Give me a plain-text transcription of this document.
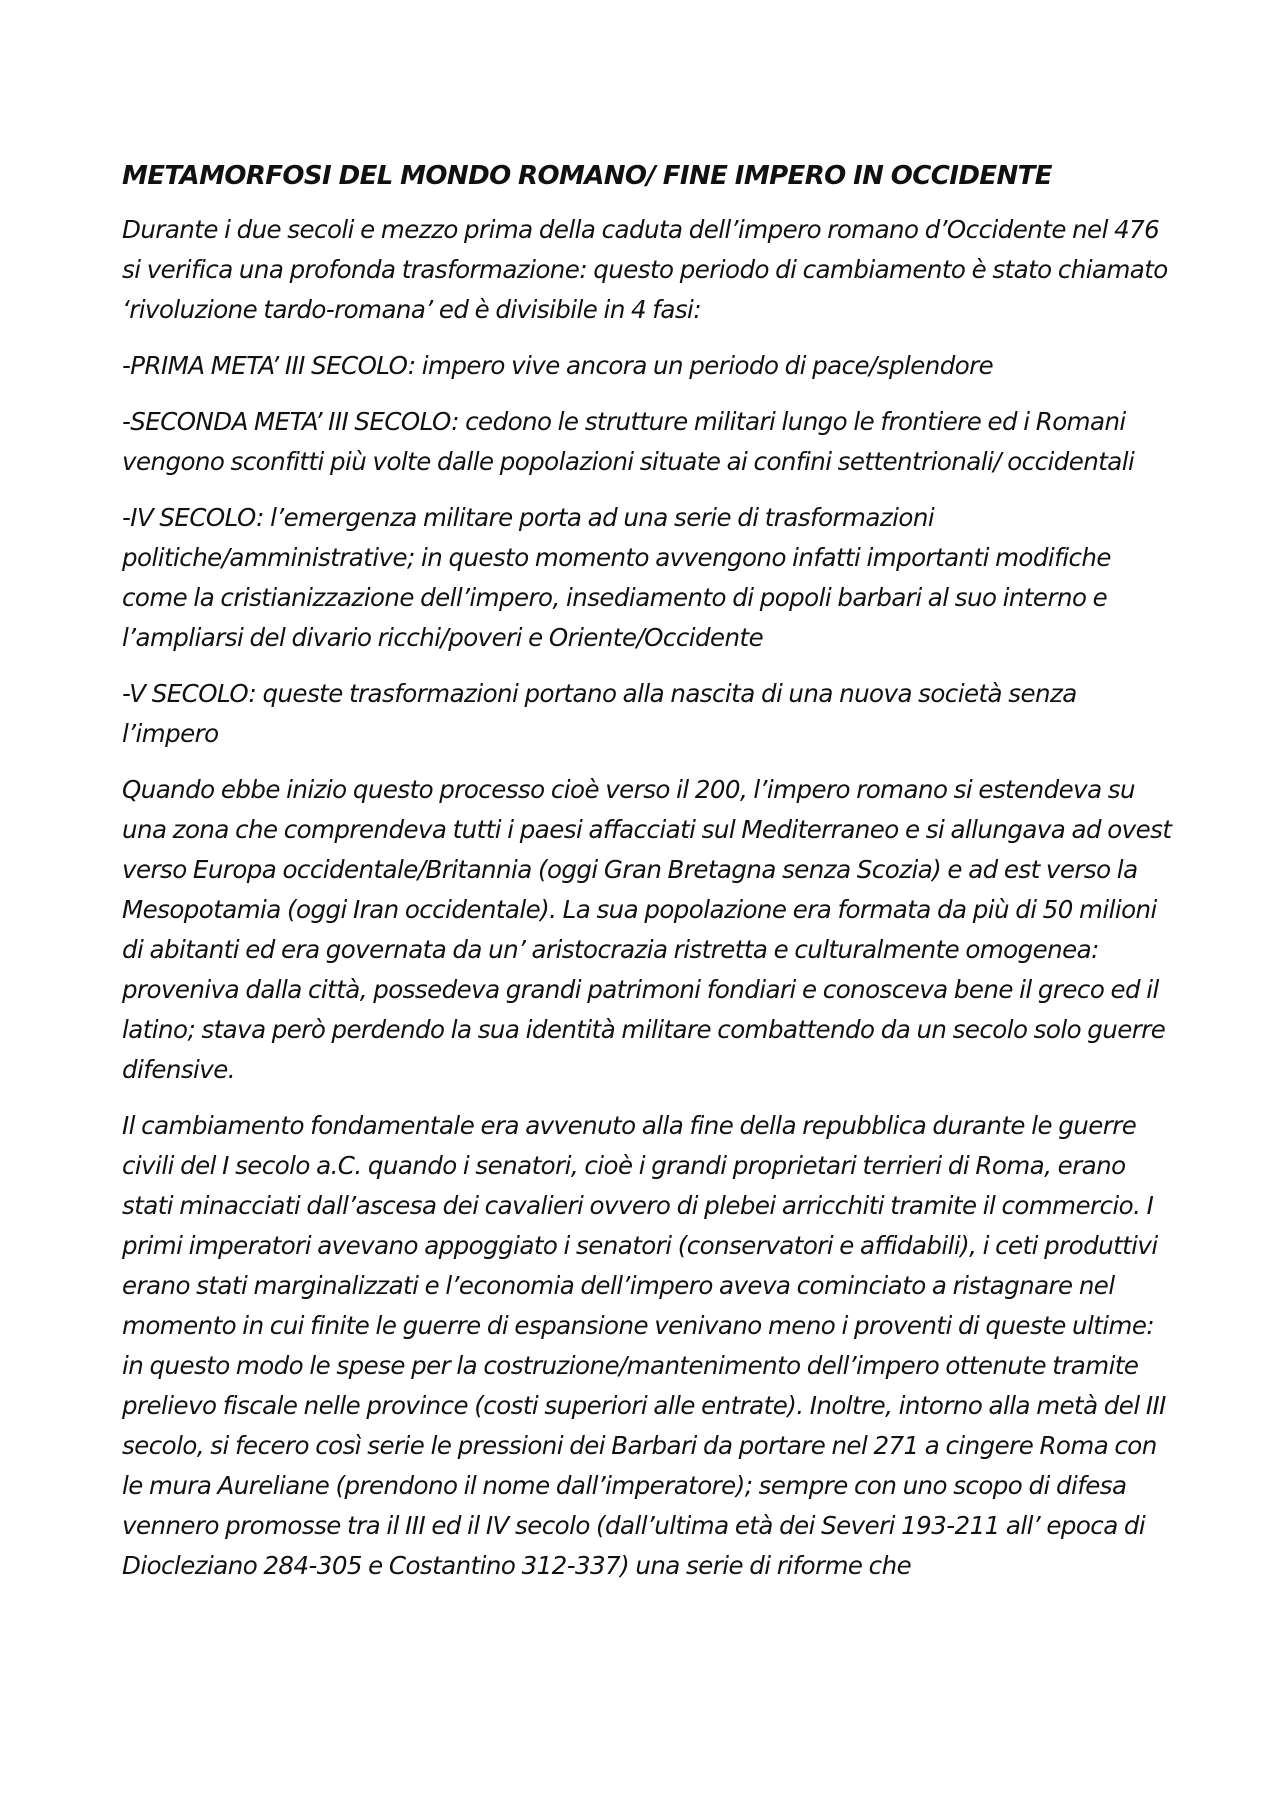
METAMORFOSI DEL MONDO ROMANO/ FINE IMPERO IN OCCIDENTE

Durante i due secoli e mezzo prima della caduta dell’impero romano d’Occidente nel 476 si verifica una profonda trasformazione: questo periodo di cambiamento è stato chiamato ‘rivoluzione tardo-romana’ ed è divisibile in 4 fasi:

-PRIMA META’ III SECOLO: impero vive ancora un periodo di pace/splendore

-SECONDA META’ III SECOLO: cedono le strutture militari lungo le frontiere ed i Romani vengono sconfitti più volte dalle popolazioni situate ai confini settentrionali/ occidentali

-IV SECOLO: l’emergenza militare porta ad una serie di trasformazioni politiche/amministrative; in questo momento avvengono infatti importanti modifiche come la cristianizzazione dell’impero, insediamento di popoli barbari al suo interno e l’ampliarsi del divario ricchi/poveri e Oriente/Occidente

-V SECOLO: queste trasformazioni portano alla nascita di una nuova società senza l’impero

Quando ebbe inizio questo processo cioè verso il 200, l’impero romano si estendeva su una zona che comprendeva tutti i paesi affacciati sul Mediterraneo e si allungava ad ovest verso Europa occidentale/Britannia (oggi Gran Bretagna senza Scozia) e ad est verso la Mesopotamia (oggi Iran occidentale). La sua popolazione era formata da più di 50 milioni di abitanti ed era governata da un’ aristocrazia ristretta e culturalmente omogenea: proveniva dalla città, possedeva grandi patrimoni fondiari e conosceva bene il greco ed il latino; stava però perdendo la sua identità militare combattendo da un secolo solo guerre difensive.

Il cambiamento fondamentale era avvenuto alla fine della repubblica durante le guerre civili del I secolo a.C. quando i senatori, cioè i grandi proprietari terrieri di Roma, erano stati minacciati dall’ascesa dei cavalieri ovvero di plebei arricchiti tramite il commercio. I primi imperatori avevano appoggiato i senatori (conservatori e affidabili), i ceti produttivi erano stati marginalizzati e l’economia dell’impero aveva cominciato a ristagnare nel momento in cui finite le guerre di espansione venivano meno i proventi di queste ultime: in questo modo le spese per la costruzione/mantenimento dell’impero ottenute tramite prelievo fiscale nelle province (costi superiori alle entrate). Inoltre, intorno alla metà del III secolo, si fecero così serie le pressioni dei Barbari da portare nel 271 a cingere Roma con le mura Aureliane (prendono il nome dall’imperatore); sempre con uno scopo di difesa vennero promosse tra il III ed il IV secolo (dall’ultima età dei Severi 193-211 all’ epoca di Diocleziano 284-305 e Costantino 312-337) una serie di riforme che
